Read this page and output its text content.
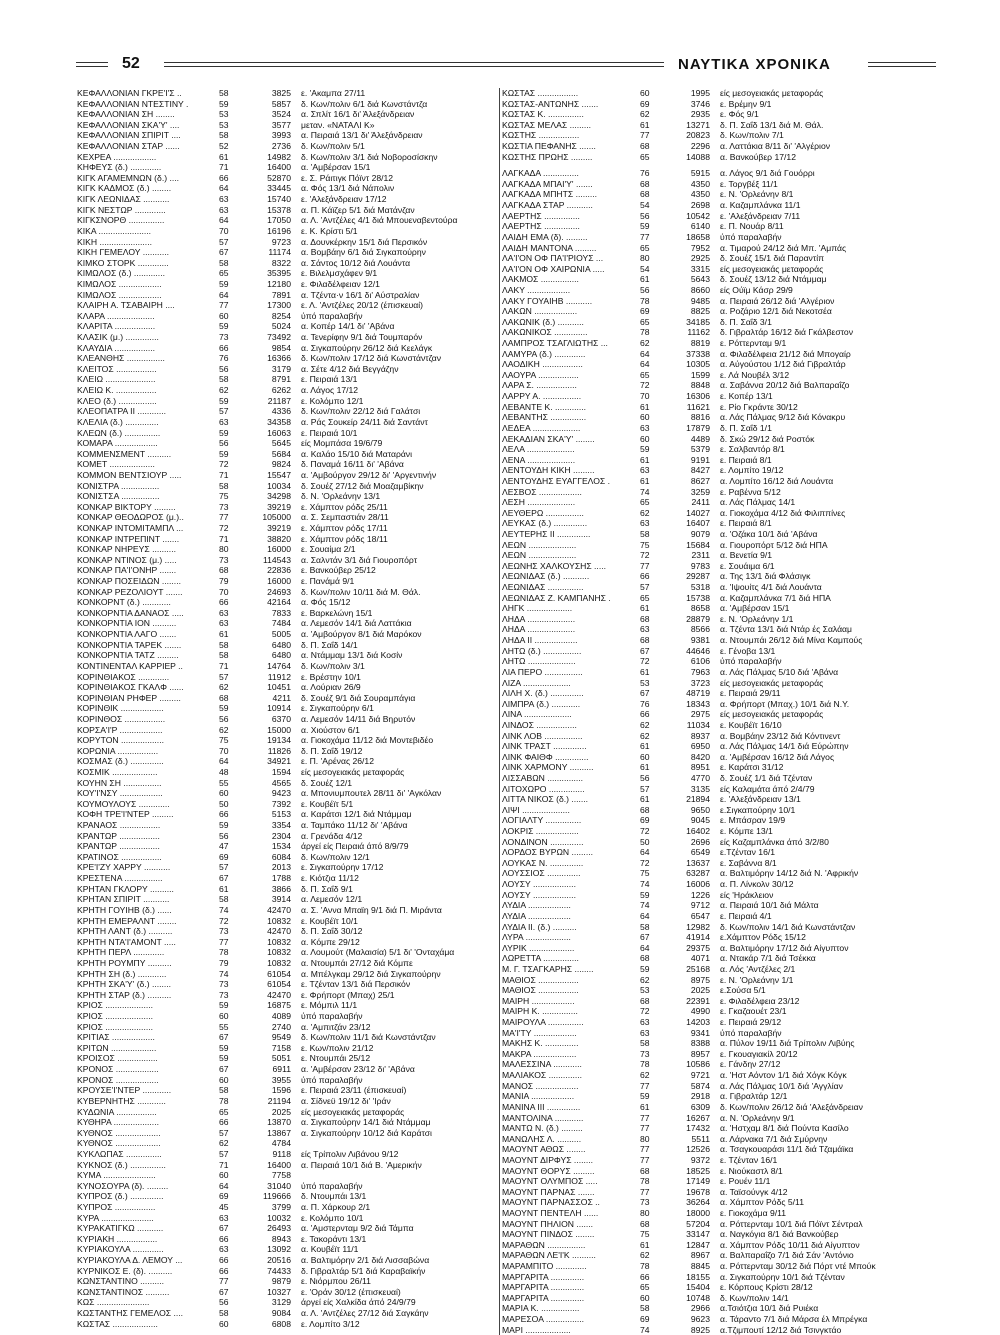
52	ΝΑΥΤΙΚΑ ΧΡΟΝΙΚΑ
ΚΕΦΑΛΛΟΝΙΑΝ ΓΚΡΕ'Ι'Σ ..	58	3825	ε. 'Ακαμπα 27/11
ΚΕΦΑΛΛΟΝΙΑΝ ΝΤΕΣΤΙΝΥ .	59	5857	δ. Κων/πολιν 6/1 διά Κωνστάντζα
ΚΕΦΑΛΛΟΝΙΑΝ ΣΗ ........	53	3524	α. Σπλίτ 16/1 δι' Άλεξάνδρειαν
ΚΕΦΑΛΛΟΝΙΑΝ ΣΚΑ'Υ' ....	53	3577	μεταν. «ΝΑΤΑΛΙ Κ»
ΚΕΦΑΛΛΟΝΙΑΝ ΣΠΙΡΙΤ ....	58	3993	α. Πειραιά 13/1 δι' Άλεξάνδρειαν
ΚΕΦΑΛΛΟΝΙΑΝ ΣΤΑΡ ......	52	2736	δ. Κων/πολιν 5/1
ΚΕΧΡΕΑ ..................	61	14982	δ. Κων/πολιν 3/1 διά Νοβοροσίσκην
ΚΗΦΕΥΣ (δ.) .............	71	16400	α. 'Αμβέρσαν 15/1
ΚΙΓΚ ΑΓΑΜΕΜΝΩΝ (δ.) ....	66	52870	ε. Σ. Ράιτιγκ Πόϊντ 28/12
ΚΙΓΚ ΚΑΔΜΟΣ (δ.) ........	64	33445	α. Φός 13/1 διά Νάπολιν
ΚΙΓΚ ΛΕΩΝΙΔΑΣ ...........	63	15740	ε. 'Αλεξάνδρειαν 17/12
ΚΙΓΚ ΝΕΣΤΩΡ .............	63	15378	α. Π. Κάϊζερ 5/1 διά Ματάνζαν
ΚΙΓΚΣΝΟΡΘ ...............	64	17050	α. Λ. 'Αντζέλες 4/1 διά Μπουεναβεντούρα
ΚΙΚΑ ......................	70	16196	ε. Κ. Κρίστι 5/1
ΚΙΚΗ ......................	57	9723	α. Δουνκέρκην 15/1 διά Περσικόν
ΚΙΚΗ ΓΕΜΕΛΟΥ ...........	67	11174	α. Βομβάην 6/1 διά Σιγκαπούρην
ΚΙΜΚΟ ΣΤΟΡΚ .............	58	8322	α. Σάντος 10/12 διά Λουάντα
ΚΙΜΩΛΟΣ (δ.) .............	65	35395	ε. Βιλελμσχάφεν 9/1
ΚΙΜΩΛΟΣ ..................	59	12180	ε. Φιλαδέλφειαν 12/1
ΚΙΜΩΛΟΣ ..................	64	7891	α. Τζέντα·ν 16/1 δι' Αύστραλίαν
ΚΛΑΙΡΗ Α. ΤΣΑΒΑΙΡΗ ....	77	17300	ε. Λ. 'Αντζέλες 20/12 (έπισκευαί)
ΚΛΑΡΑ ....................	60	8254	ύπό παραλαβήν
ΚΛΑΡΙΤΑ .................	59	5024	α. Κοπέρ 14/1 δι' 'Αβάνα
ΚΛΑΣΙΚ (μ.) ..............	73	73492	α. Τενερίφην 9/1 διά Τουμπαρόν
ΚΛΑΥΔΙΑ .................	66	9854	α. Σιγκαπούρην 26/12 διά Κεελάγκ
ΚΛΕΑΝΘΗΣ ................	76	16366	δ. Κων/πολιν 17/12 διά Κωνστάντζαν
ΚΛΕΙΤΟΣ .................	56	3179	α. Σέτε 4/12 διά Βεγγάζην
ΚΛΕΙΩ .....................	58	8791	ε. Πειραιά 13/1
ΚΛΕΙΩ Κ. .................	62	6262	α. Λάγος 17/12
ΚΛΕΟ (δ.) ................	59	21187	ε. Κολόμπο 12/1
ΚΛΕΟΠΑΤΡΑ ΙΙ ............	57	4336	δ. Κων/πολιν 22/12 διά Γαλάτσι
ΚΛΕΛΙΑ (δ.) ..............	63	34358	α. Ράς Σουκείρ 24/11 διά Σαντάντ
ΚΛΕΩΝ (δ.) ...............	59	16063	ε. Πειραιά 10/1
ΚΟΜΑΡΑ ..................	56	5645	είς Μομπάσα 19/6/79
ΚΟΜΜΕΝΣΜΕΝΤ ..........	59	5684	α. Καλάο 15/10 διά Ματαράνι
ΚΟΜΕΤ ...................	72	9824	δ. Παναμά 16/11 δι' 'Αβάνα
ΚΟΜΜΟΝ ΒΕΝΤΣΙΟΥΡ .....	71	15547	α. 'Αμβούργον 29/12 δι' 'Αργεντινήν
ΚΟΝΙΣΤΡΑ ................	58	10034	δ. Σουέζ 27/12 διά Μοαζαμβίκην
ΚΟΝΙΣΤΣΑ ................	75	34298	δ. Ν. 'Ορλεάνην 13/1
ΚΟΝΚΑΡ ΒΙΚΤΟΡΥ .........	73	39219	ε. Χάμπτον ρόδς 25/11
ΚΟΝΚΑΡ ΘΕΟΔΩΡΟΣ (μ.)..	77	105000	α. Σ. Σεμπαστιάν 28/11
ΚΟΝΚΑΡ ΙΝΤΟΜΙΤΑΜΠΛ ...	72	39219	ε. Χάμπτον ρόδς 17/11
ΚΟΝΚΑΡ ΙΝΤΡΕΠΙΝΤ .......	71	38820	ε. Χάμπτον ρόδς 18/11
ΚΟΝΚΑΡ ΝΗΡΕΥΣ ..........	80	16000	ε. Σουαίμα 2/1
ΚΟΝΚΑΡ ΝΤΙΝΟΣ (μ.) .....	73	114543	α. Σαλντάν 3/1 διά Γιουροπόρτ
ΚΟΝΚΑΡ ΠΑ'Ι'ΟΝΗΡ .......	68	22836	ε. Βανκούβερ 25/12
ΚΟΝΚΑΡ ΠΟΣΕΙΔΩΝ ........	79	16000	ε. Πανάμά 9/1
ΚΟΝΚΑΡ ΡΕΖΟΛΙΟΥΤ .......	70	24693	δ. Κων/πολιν 10/11 διά Μ. Θάλ.
ΚΟΝΚΟΡΝΤ (δ.) ............	66	42164	α. Φός 15/12
ΚΟΝΚΟΡΝΤΙΑ ΔΑΝΑΟΣ .....	63	7833	ε. Βαρκελώνη 15/1
ΚΟΝΚΟΡΝΤΙΑ ΙΟΝ ..........	63	7484	α. Λεμεσόν 14/1 διά Λαττάκια
ΚΟΝΚΟΡΝΤΙΑ ΛΑΓΟ .......	61	5005	α. 'Αμβούργον 8/1 διά Μαρόκον
ΚΟΝΚΟΡΝΤΙΑ ΤΑΡΕΚ .......	58	6480	δ. Π. Σαΐδ 14/1
ΚΟΝΚΟΡΝΤΙΑ ΤΑΤΖ .........	58	6480	α. Ντάμμαμ 13/1 διά Κοσίν
ΚΟΝΤΙΝΕΝΤΑΛ ΚΑΡΡΙΕΡ ..	71	14764	δ. Κων/πολιν 3/1
ΚΟΡΙΝΘΙΑΚΟΣ .............	57	11912	ε. Βρέστην 10/1
ΚΟΡΙΝΘΙΑΚΟΣ ΓΚΑΛΦ ......	62	10451	α. Λούριαν 26/9
ΚΟΡΙΝΘΙΑΝ ΡΗΦΕΡ .........	68	4211	δ. Σουέζ 9/1 διά Σουραμπάγια
ΚΟΡΙΝΘΙΚ ..................	59	10914	ε. Σιγκαπούρην 6/1
ΚΟΡΙΝΘΟΣ .................	56	6370	α. Λεμεσόν 14/11 διά Βηρυτόν
ΚΟΡΣΑ'Ι'Ρ ..................	62	15000	α. Χιούστον 6/1
ΚΟΡΥΤΟΝ ..................	75	19134	α. Γιοκοχάμα 11/12 διά Μοντεβιδέο
ΚΟΡΩΝΙΑ .................	70	11826	δ. Π. Σαΐδ 19/12
ΚΟΣΜΑΣ (δ.) ..............	64	34921	ε. Π. 'Αρένας 26/12
ΚΟΣΜΙΚ ...................	48	1594	είς μεσογειακάς μεταφοράς
ΚΟΥΗΝ ΣΗ ................	55	4565	δ. Σουέζ 12/1
ΚΟΥ'Ι'ΝΣΥ ..................	60	9423	α. Μπονιυμπουτελ 28/11 δι' 'Αγκόλαν
ΚΟΥΜΟΥΛΟΥΣ .............	50	7392	ε. Κουβέϊτ 5/1
ΚΟΦΗ ΤΡΕ'Ι'ΝΤΕΡ .........	66	5153	α. Καράτσι 12/1 διά Ντάμμαμ
ΚΡΑΝΑΟΣ .................	59	3354	α. Ταμπάκο 11/12 δι' 'Αβάνα
ΚΡΑΝΤΩΡ .................	56	2304	α. Γρενάδα 4/12
ΚΡΑΝΤΩΡ .................	47	1534	άργεί είς Πειραιά άπό 8/9/79
ΚΡΑΤΙΝΟΣ .................	69	6084	δ. Κων/πολιν 12/1
ΚΡΕ'Ι'ΖΥ ΧΑΡΡΥ ...........	57	2013	ε. Σιγκαπούρην 17/12
ΚΡΕΣΤΕΝΑ ................	67	1788	ε. Κιότζια 11/12
ΚΡΗΤΑΝ ΓΚΛΟΡΥ ..........	61	3866	δ. Π. Σαΐδ 9/1
ΚΡΗΤΑΝ ΣΠΙΡΙΤ ...........	58	3914	α. Λεμεσόν 12/1
ΚΡΗΤΗ ΓΟΥΙΗΒ (δ.) ......	74	42470	α. Σ. 'Αννα Μπαϊη 9/1 διά Π. Μιράντα
ΚΡΗΤΗ ΕΜΕΡΑΛΝΤ ........	72	10832	ε. Κουβέϊτ 10/1
ΚΡΗΤΗ ΛΑΝΤ (δ.) ..........	73	42470	δ. Π. Σαΐδ 30/12
ΚΡΗΤΗ ΝΤΑ'Ι'ΑΜΟΝΤ .....	77	10832	α. Κόμπε 29/12
ΚΡΗΤΗ ΠΕΡΛ .............	78	10832	α. Λουμούτ (Μαλαισία) 5/1 δι' 'Ονταχάμα
ΚΡΗΤΗ ΡΟΥΜΠΥ ..........	79	10832	α. Ντουμπάι 27/12 διά Κόμπε
ΚΡΗΤΗ ΣΗ (δ.) ............	74	61054	α. Μπέλγκαμ 29/12 διά Σιγκαπούρην
ΚΡΗΤΗ ΣΚΑ'Υ' (δ.) ........	73	61054	ε. Τζένταν 13/1 διά Περσικόν
ΚΡΗΤΗ ΣΤΑΡ (δ.) ..........	73	42470	ε. Φρήπορτ (Μπαχ) 25/1
ΚΡΙΟΣ ....................	59	16875	ε. Μόμπιλ 11/1
ΚΡΙΟΣ ....................	60	4089	ύπό παραλαβήν
ΚΡΙΟΣ ....................	55	2740	α. 'Αμπιτζάν 23/12
ΚΡΙΤΙΑΣ ..................	67	9549	δ. Κων/πολιν 11/1 διά Κωνστάντζαν
ΚΡΙΤΩΝ ...................	59	7158	ε. Κων/πολιν 21/12
ΚΡΟΙΣΟΣ .................	59	5051	ε. Ντουμπάι 25/12
ΚΡΟΝΟΣ ..................	67	6911	α. 'Αμβέρσαν 23/12 δι' 'Αβάνα
ΚΡΟΝΟΣ ..................	60	3955	ύπό παραλαβήν
ΚΡΟΥΣΕ'Ι'ΝΤΕΡ ............	58	1596	ε. Πειραιά 23/11 (έπισκευαί)
ΚΥΒΕΡΝΗΤΗΣ ............	78	21194	α. Σίδνεϋ 19/12 δι' 'Ιράν
ΚΥΔΩΝΙΑ .................	65	2025	είς μεσογειακάς μεταφοράς
ΚΥΘΗΡΑ ...................	66	13870	α. Σιγκαπούρην 14/1 διά Ντάμμαμ
ΚΥΘΝΟΣ ...................	57	13867	α. Σιγκαπούρην 10/12 διά Καράτσι
ΚΥΘΝΟΣ ...................	62	4784
ΚΥΚΛΩΠΑΣ ...............	57	9118	είς Τρίπολιν Λιβάνου 9/12
ΚΥΚΝΟΣ (δ.) ...............	71	16400	α. Πειραιά 10/1 διά Β. 'Αμερικήν
ΚΥΜΑ ......................	60	7758
ΚΥΝΟΣΟΥΡΑ (δ). .........	64	31040	ύπό παραλαβήν
ΚΥΠΡΟΣ (δ.) ..............	69	119666	δ. Ντουμπάι 13/1
ΚΥΠΡΟΣ .................	45	3799	α. Π. Χάρκουρ 2/1
ΚΥΡΑ ......................	63	10032	ε. Κολόμπο 10/1
ΚΥΡΑΚΑΤΙΓΚΩ ...........	67	26493	α. 'Αμστερνταμ 9/2 διά Τάμπα
ΚΥΡΙΑΚΗ .................	66	8943	ε. Τακοράντι 13/1
ΚΥΡΙΑΚΟΥΛΑ .............	63	13092	α. Κουβέϊτ 11/1
ΚΥΡΙΑΚΟΥΛΑ Δ. ΛΕΜΟΥ ...	66	20516	α. Βαλτιμόρην 2/1 διά Λισσαβώνα
ΚΥΡΝΙΚΟΣ Ε. (δ). ..........	66	74433	δ. Γιβραλτάρ 5/1 διά Καραβαϊκήν
ΚΩΝΣΤΑΝΤΙΝΟ ..........	77	9879	ε. Νιόρμπου 26/11
ΚΩΝΣΤΑΝΤΙΝΟΣ ..........	67	10327	ε. 'Οράν 30/12 (έπισκευαί)
ΚΩΣ ......................	56	3129	άργεί είς Χαλκίδα άπό 24/9/79
ΚΩΣΤΑΝΤΗΣ ΓΕΜΕΛΟΣ ....	58	9084	α. Λ. 'Αντζέλες 27/12 διά Σαγκάην
ΚΩΣΤΑΣ ...................	60	6808	ε. Λομπίτο 3/12
ΚΩΣΤΑΣ .................	60	1995	είς μεσογειακάς μεταφοράς
ΚΩΣΤΑΣ-ΑΝΤΩΝΗΣ .......	69	3746	ε. Βρέμην 9/1
ΚΩΣΤΑΣ Κ. ...............	62	2935	ε. Φός 9/1
ΚΩΣΤΑΣ ΜΕΛΑΣ .........	61	13271	δ. Π. Σαΐδ 13/1 διά Μ. Θάλ.
ΚΩΣΤΗΣ .................	77	20823	δ. Κων/πολιν 7/1
ΚΩΣΤΙΑ ΠΕΦΑΝΗΣ .......	68	2296	α. Λαττάκια 8/11 δι' 'Αλγέριον
ΚΩΣΤΗΣ ΠΡΩΗΣ .........	65	14088	α. Βανκούβερ 17/12
ΛΑΓΚΑΔΑ ...............	76	5915	α. Λάγος 9/1 διά Γουόρρι
ΛΑΓΚΑΔΑ ΜΠΑΙ'Υ' .......	68	4350	ε. Τοργβέξ 11/1
ΛΑΓΚΑΔΑ ΜΠΗΤΣ .........	68	4350	ε. Ν. 'Ορλεάνην 8/1
ΛΑΓΚΑΔΑ ΣΤΑΡ ...........	54	2698	α. Καζαμπλάνκα 11/1
ΛΑΕΡΤΗΣ ...............	56	10542	ε. 'Αλεξάνδρειαν 7/11
ΛΑΕΡΤΗΣ ...............	59	6140	ε. Π. Νουάρ 8/11
ΛΑΙΔΗ ΕΜΑ (δ). .........	77	18658	ύπό παραλαβήν
ΛΑΙΔΗ ΜΑΝΤΟΝΑ .........	65	7952	α. Τιμαρού 24/12 διά Μπ. 'Αμπάς
ΛΑ'Ι'ΟΝ ΟΦ ΠΑ'Ι'ΡΙΟΥΣ ...	80	2925	δ. Σουέζ 15/1 διά Παραντίπ
ΛΑ'Ι'ΟΝ ΟΦ ΧΑΙΡΩΝΙΑ .....	54	3315	είς μεσογειακάς μεταφοράς
ΛΑΚΜΟΣ ................	61	5643	δ. Σουέζ 13/12 διά Ντάμμαμ
ΛΑΚΥ ..................	56	8660	είς Ούϊμ Κάσρ 29/9
ΛΑΚΥ ΓΟΥΑΙΗΒ ...........	78	9485	α. Πειραιά 26/12 διά 'Αλγέριον
ΛΑΚΩΝ ..................	69	8825	α. Ροζάριο 12/1 διά Νεκοτσέα
ΛΑΚΩΝΙΚ (δ.) ...........	65	34185	δ. Π. Σαΐδ 3/1
ΛΑΚΩΝΙΚΟΣ ..............	78	11162	δ. Γιβραλτάρ 16/12 διά Γκάλβεστον
ΛΑΜΠΡΟΣ ΤΣΑΓΛΙΩΤΗΣ ...	62	8819	ε. Ρόττερνταμ 9/1
ΛΑΜΥΡΑ (δ.) .............	64	37338	α. Φιλαδέλφεια 21/12 διά Μπογαίρ
ΛΑΟΔΙΚΗ .................	64	10305	α. Αύγούστου 1/12 διά Γιβραλτάρ
ΛΑΟΥΡΑ .................	65	1599	ε. Λά Νουβέλ 3/12
ΛΑΡΑ Σ. .................	72	8848	α. Σαβάννα 20/12 διά Βαλπαραΐζο
ΛΑΡΡΥ Α. ................	70	16306	ε. Κοπέρ 13/1
ΛΕΒΑΝΤΕ Κ. .............	61	11621	ε. Ρίο Γκράντε 30/12
ΛΕΒΑΝΤΗΣ ...............	60	8816	α. Λάς Πάλμας 9/12 διά Κόνακρυ
ΛΕΔΕΑ ....................	63	17879	δ. Π. Σαΐδ 1/1
ΛΕΚΑΔΙΑΝ ΣΚΑ'Υ' ........	60	4489	δ. Σκώ 29/12 διά Ροστόκ
ΛΕΛΑ ....................	59	5379	ε. Σαλβαντόρ 8/1
ΛΕΝΑ ....................	61	9191	ε. Πειραιά 8/1
ΛΕΝΤΟΥΔΗ ΚΙΚΗ .........	63	8427	ε. Λομπίτο 19/12
ΛΕΝΤΟΥΔΗΣ ΕΥΑΓΓΕΛΟΣ .	61	8627	α. Λομπίτο 16/12 διά Λουάντα
ΛΕΣΒΟΣ ..................	74	3259	ε. Ραβέννα 5/12
ΛΕΣΗ ....................	65	2411	α. Λάς Πάλμας 14/1
ΛΕΥΘΕΡΩ ................	62	14027	α. Γιοκοχάμα 4/12 διά Φιλιππίνες
ΛΕΥΚΑΣ (δ.) ..............	63	16407	ε. Πειραιά 8/1
ΛΕΥΤΕΡΗΣ ΙΙ ..............	58	9079	α. 'Οζάκα 10/1 διά 'Αβάνα
ΛΕΩΝ ....................	75	15684	α. Γιουροπόρτ 5/12 διά ΗΠΑ
ΛΕΩΝ ....................	72	2311	α. Βενετία 9/1
ΛΕΩΝΗΣ ΧΑΛΚΟΥΣΗΣ .....	77	9783	ε. Σουάιμα 6/1
ΛΕΩΝΙΔΑΣ (δ.) ...........	66	29287	α. Της 13/1 διά Φλάσιγκ
ΛΕΩΝΙΔΑΣ ...............	57	5318	α. 'Ιψουίτς 4/1 διά Λουάντα
ΛΕΩΝΙΔΑΣ Ζ. ΚΑΜΠΑΝΗΣ .	65	15738	α. Καζαμπλάνκα 7/1 διά ΗΠΑ
ΛΗΓΚ ...................	61	8658	α. 'Αμβέρσαν 15/1
ΛΗΔΑ ....................	68	28879	ε. Ν. 'Ορλεάνην 1/1
ΛΗΔΑ ....................	63	8566	α. Τζέντα 13/1 διά Ντάρ ές Σαλάαμ
ΛΗΔΑ ΙΙ ..................	68	9381	α. Ντουμπάι 26/12 διά Μίνα Καμπούς
ΛΗΤΩ (δ.) ................	67	44646	ε. Γένοβα 13/1
ΛΗΤΩ ....................	72	6106	ύπό παραλαβήν
ΛΙΑ ΠΕΡΟ ................	61	7963	α. Λάς Πάλμας 5/10 διά 'Αβάνα
ΛΙΖΑ ....................	53	3723	είς μεσογειακάς μεταφοράς
ΛΙΛΗ Χ. (δ.) ..............	67	48719	ε. Πειραιά 29/11
ΛΙΜΠΡΑ (δ.) ............	76	18343	α. Φρήπορτ (Μπαχ.) 10/1 διά Ν.Υ.
ΛΙΝΑ ....................	66	2975	είς μεσογειακάς μεταφοράς
ΛΙΝΔΟΣ .................	62	11034	ε. Κουβέϊτ 16/10
ΛΙΝΚ ΛΟΒ ................	62	8937	α. Βομβάην 23/12 διά Κόντινεντ
ΛΙΝΚ ΤΡΑΣΤ ..............	61	6950	α. Λάς Πάλμας 14/1 διά Εύρώπην
ΛΙΝΚ ΦΑΙΘΦ ..............	60	8420	α. 'Αμβέρσαν 16/12 διά Λάγος
ΛΙΝΚ ΧΑΡΜΟΝΥ ..........	61	8951	ε. Καράτσι 31/12
ΛΙΣΣΑΒΩΝ ...............	56	4770	δ. Σουέζ 1/1 διά Τζένταν
ΛΙΤΟΧΩΡΟ ...............	57	3135	είς Καλαμάτα άπό 2/4/79
ΛΙΤΤΑ ΝΙΚΟΣ (δ.) .......	61	21894	ε. 'Αλεξάνδρειαν 13/1
ΛΙΨΙ ....................	68	9650	ε.Σιγκαπούρην 10/1
ΛΟΓΙΑΛΤΥ ...............	69	9045	ε. Μπάσραν 19/9
ΛΟΚΡΙΣ ..................	72	16402	ε. Κόμπε 13/1
ΛΟΝΔΙΝΟΝ ..............	50	2696	είς Καζαμπλάνκα άπό 3/2/80
ΛΟΡΔΟΣ ΒΥΡΩΝ .........	64	6549	ε.Τζένταν 16/1
ΛΟΥΚΑΣ Ν. ..............	72	13637	ε. Σαβάννα 8/1
ΛΟΥΣΣΙΟΣ ..............	75	63287	α. Βαλτιμόρην 14/12 διά Ν. 'Αφρικήν
ΛΟΥΣΥ ..................	74	16006	α. Π. Λίνκολν 30/12
ΛΟΥΣΥ ..................	59	1226	είς 'Ηράκλειον
ΛΥΔΙΑ ..................	74	9712	α. Πειραιά 10/1 διά Μάλτα
ΛΥΔΙΑ ..................	64	6547	ε. Πειραιά 4/1
ΛΥΔΙΑ ΙΙ. (δ.) ..........	58	12982	δ. Κων/πολιν 14/1 διά Κωνστάντζαν
ΛΥΡΑ ...................	67	41914	ε.Χάμπτον Ρόδς 15/12
ΛΥΡΙΚ ...................	64	29375	α. Βαλτιμόρην 17/12 διά Αίγυπτον
ΛΩΡΕΤΤΑ ...............	68	4071	α. Ντακάρ 7/1 διά Τσέκκα
Μ. Γ. ΤΣΑΓΚΑΡΗΣ ........	59	25168	α. Λός 'Αντζέλες 2/1
ΜΑΘΙΟΣ .................	62	8975	ε. Ν. 'Ορλεάνην 1/1
ΜΑΘΙΟΣ .................	53	2025	ε.Σούσα 5/1
ΜΑΙΡΗ ..................	68	22391	ε. Φιλαδέλφεια 23/12
ΜΑΙΡΗ Κ. ...............	72	4990	ε. Γκαζαουέτ 23/1
ΜΑΙΡΟΥΛΑ ...............	63	14203	ε. Πειραιά 29/12
ΜΑ'Ι'ΤΥ ..................	63	9341	ύπό παραλαβήν
ΜΑΚΗΣ Κ. ..............	58	8388	α. Πύλον 19/11 διά Τρίπολιν Λιβύης
ΜΑΚΡΑ ..................	73	8957	ε. Γκουαγιακίλ 20/12
ΜΑΛΕΣΣΙΝΑ ............	78	10586	ε. Γάνδην 27/12
ΜΑΛΙΑΚΟΣ ..............	62	9721	α. 'Ηστ Αόντον 1/1 διά Χόγκ Κόγκ
ΜΑΝΟΣ ..................	77	5874	α. Λάς Πάλμας 10/1 διά 'Αγγλίαν
ΜΑΝΙΑ ..................	59	2918	α. Γιβραλτάρ 12/1
ΜΑΝΙΝΑ ΙΙΙ ..............	61	6309	δ. Κων/πολιν 26/12 διά 'Αλεξάνδρειαν
ΜΑΝΤΟΛΙΝΑ ............	77	16267	α. Ν. 'Ορλεάνην 9/1
ΜΑΝΤΩ Ν. (δ.) .........	77	17432	α. 'Ηστχαμ 8/1 διά Πούντα Κασίλο
ΜΑΝΩΛΗΣ Λ. ..........	80	5511	α. Λάρνακα 7/1 διά Σμύρνην
ΜΑΟΥΝΤ ΑΘΩΣ ........	77	12526	α. Τσαγκουαράσι 11/1 διά Τζαμάϊκα
ΜΑΟΥΝΤ ΔΙΡΦΥΣ ........	77	9372	ε. Τζένταν 16/1
ΜΑΟΥΝΤ ΘΟΡΥΣ .........	68	18525	ε. Νιούκαστλ 8/1
ΜΑΟΥΝΤ ΟΛΥΜΠΟΣ .....	78	17149	ε. Ρουέν 11/1
ΜΑΟΥΝΤ ΠΑΡΝΑΣ .......	77	19678	α. Ταϊσούνγκ 4/12
ΜΑΟΥΝΤ ΠΑΡΝΑΣΣΟΣ ..	73	36264	α. Χάμπτον Ρόδς 5/11
ΜΑΟΥΝΤ ΠΕΝΤΕΛΗ ......	80	18000	ε. Γιοκοχάμα 9/11
ΜΑΟΥΝΤ ΠΗΛΙΟΝ .......	68	57204	α. Ρόττερνταμ 10/1 διά Πόϊντ Σέντραλ
ΜΑΟΥΝΤ ΠΙΝΔΟΣ ........	75	33147	α. Ναγκόγια 8/1 διά Βανκούβερ
ΜΑΡΑΘΩΝ ................	61	12847	α. Χάμπτον Ρόδς 10/11 διά Αίγυπτον
ΜΑΡΑΘΩΝ ΛΕ'Ι'Κ ..........	62	8967	α. Βαλπαραΐζο 7/1 διά Σάν 'Αντόνιο
ΜΑΡΑΜΠΙΤΟ .............	78	8845	α. Ρόττερνταμ 30/12 διά Πόρτ ντέ Μπούκ
ΜΑΡΓΑΡΙΤΑ ..............	66	18155	α. Σιγκαπούρην 10/1 διά Τζένταν
ΜΑΡΓΑΡΙΤΑ ..............	65	15404	ε. Κόρπους Κρίστι 28/12
ΜΑΡΓΑΡΙΤΑ ..............	60	10748	δ. Κων/πολιν 14/1
ΜΑΡΙΑ Κ. ................	58	2966	α.Τσιότζια 10/1 διά Ρυιέκα
ΜΑΡΕΣΟΑ ................	69	9623	α. Τάραντο 7/1 διά Μάρσα έλ Μπρέγκα
ΜΑΡΙ ...................	74	8925	α.Τζιμπουτί 12/12 διά Τσινγκτάο
